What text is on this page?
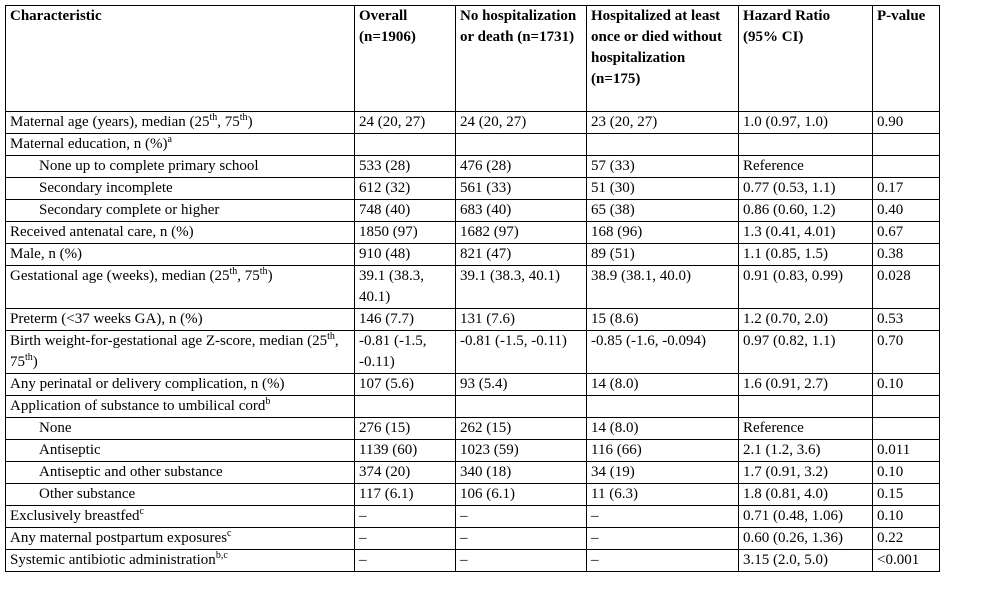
Characteristic	Overall (n=1906)	No hospitalization or death (n=1731)	Hospitalized at least once or died without hospitalization (n=175)	Hazard Ratio (95% CI)	P-value
Maternal age (years), median (25th, 75th)	24 (20, 27)	24 (20, 27)	23 (20, 27)	1.0 (0.97, 1.0)	0.90
Maternal education, n (%)$^a$					
None up to complete primary school	533 (28)	476 (28)	57 (33)	Reference	
Secondary incomplete	612 (32)	561 (33)	51 (30)	0.77 (0.53, 1.1)	0.17
Secondary complete or higher	748 (40)	683 (40)	65 (38)	0.86 (0.60, 1.2)	0.40
Received antenatal care, n (%)	1850 (97)	1682 (97)	168 (96)	1.3 (0.41, 4.01)	0.67
Male, n (%)	910 (48)	821 (47)	89 (51)	1.1 (0.85, 1.5)	0.38
Gestational age (weeks), median (25th, 75th)	39.1 (38.3, 40.1)	39.1 (38.3, 40.1)	38.9 (38.1, 40.0)	0.91 (0.83, 0.99)	0.028
Preterm (<37 weeks GA), n (%)	146 (7.7)	131 (7.6)	15 (8.6)	1.2 (0.70, 2.0)	0.53
Birth weight-for-gestational age Z-score, median (25th, 75th)	-0.81 (-1.5, -0.11)	-0.81 (-1.5, -0.11)	-0.85 (-1.6, -0.094)	0.97 (0.82, 1.1)	0.70
Any perinatal or delivery complication, n (%)	107 (5.6)	93 (5.4)	14 (8.0)	1.6 (0.91, 2.7)	0.10
Application of substance to umbilical cord$^b$					
None	276 (15)	262 (15)	14 (8.0)	Reference	
Antiseptic	1139 (60)	1023 (59)	116 (66)	2.1 (1.2, 3.6)	0.011
Antiseptic and other substance	374 (20)	340 (18)	34 (19)	1.7 (0.91, 3.2)	0.10
Other substance	117 (6.1)	106 (6.1)	11 (6.3)	1.8 (0.81, 4.0)	0.15
Exclusively breastfed$^c$	–	–	–	0.71 (0.48, 1.06)	0.10
Any maternal postpartum exposures$^c$	–	–	–	0.60 (0.26, 1.36)	0.22
Systemic antibiotic administration$^{b,c}$	–	–	–	3.15 (2.0, 5.0)	<0.001
